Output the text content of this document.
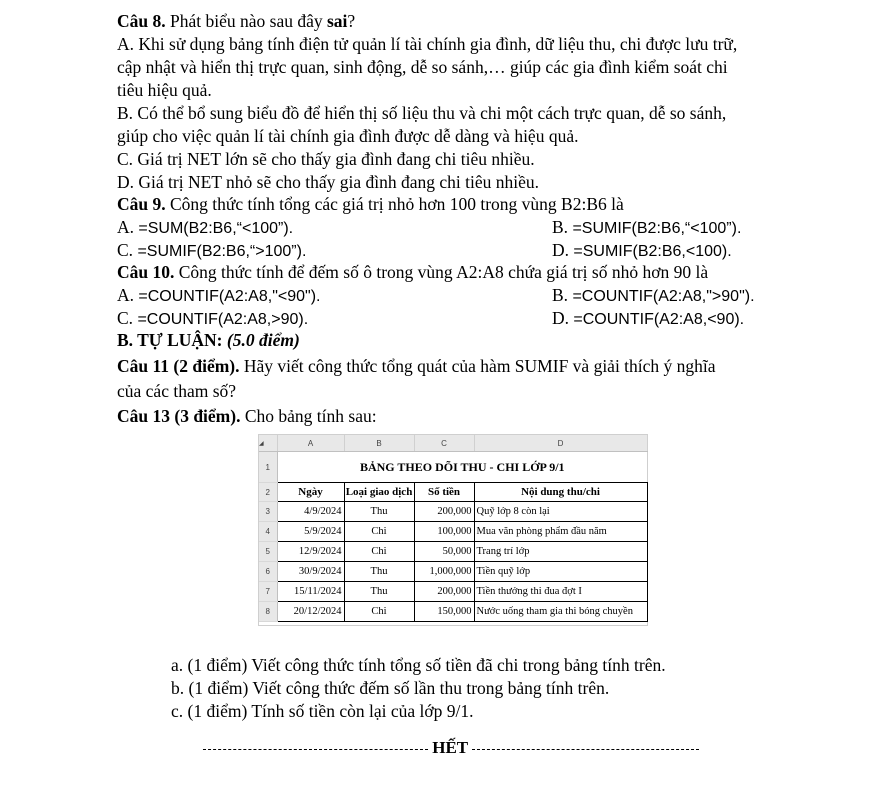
Câu 8. Phát biểu nào sau đây sai?
A. Khi sử dụng bảng tính điện tử quản lí tài chính gia đình, dữ liệu thu, chi được lưu trữ,
cập nhật và hiển thị trực quan, sinh động, dễ so sánh,… giúp các gia đình kiểm soát chi
tiêu hiệu quả.
B. Có thể bổ sung biểu đồ để hiển thị số liệu thu và chi một cách trực quan, dễ so sánh,
giúp cho việc quản lí tài chính gia đình được dễ dàng và hiệu quả.
C. Giá trị NET lớn sẽ cho thấy gia đình đang chi tiêu nhiều.
D. Giá trị NET nhỏ sẽ cho thấy gia đình đang chi tiêu nhiều.
Câu 9. Công thức tính tổng các giá trị nhỏ hơn 100 trong vùng B2:B6 là
A. =SUM(B2:B6,“<100”).	B. =SUMIF(B2:B6,“<100”).
C. =SUMIF(B2:B6,“>100”).	D. =SUMIF(B2:B6,<100).
Câu 10. Công thức tính để đếm số ô trong vùng A2:A8 chứa giá trị số nhỏ hơn 90 là
A. =COUNTIF(A2:A8,"<90").	B. =COUNTIF(A2:A8,">90").
C. =COUNTIF(A2:A8,>90).	D. =COUNTIF(A2:A8,<90).
B. TỰ LUẬN: (5.0 điểm)
Câu 11 (2 điểm). Hãy viết công thức tổng quát của hàm SUMIF và giải thích ý nghĩa
của các tham số?
Câu 13 (3 điểm). Cho bảng tính sau:
◢	A	B	C	D
1	BẢNG THEO DÕI THU - CHI LỚP 9/1			
2	Ngày	Loại giao dịch	Số tiền	Nội dung thu/chi
3	4/9/2024	Thu	200,000	Quỹ lớp 8 còn lại
4	5/9/2024	Chi	100,000	Mua văn phòng phẩm đầu năm
5	12/9/2024	Chi	50,000	Trang trí lớp
6	30/9/2024	Thu	1,000,000	Tiền quỹ lớp
7	15/11/2024	Thu	200,000	Tiền thưởng thi đua đợt I
8	20/12/2024	Chi	150,000	Nước uống tham gia thi bóng chuyền
a. (1 điểm) Viết công thức tính tổng số tiền đã chi trong bảng tính trên.
b. (1 điểm) Viết công thức đếm số lần thu trong bảng tính trên.
c. (1 điểm) Tính số tiền còn lại của lớp 9/1.
HẾT
